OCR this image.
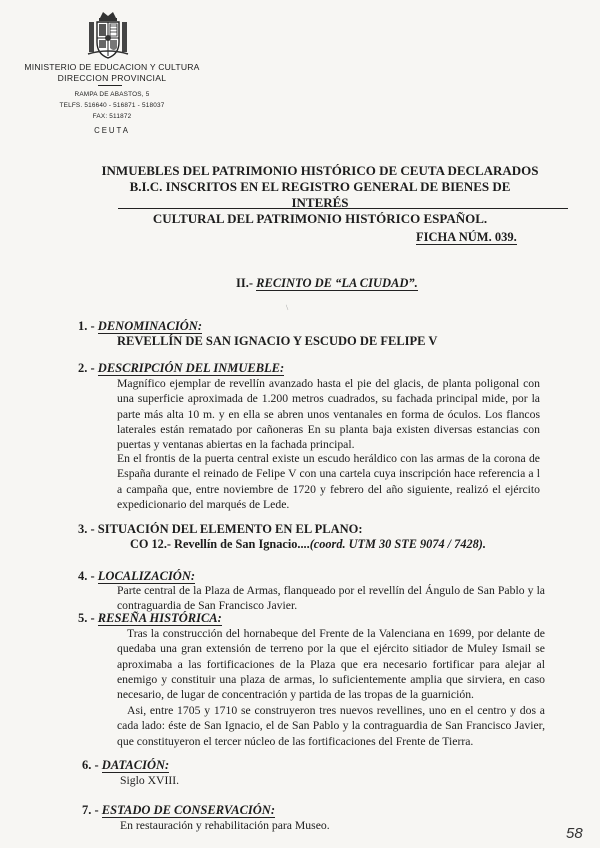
MINISTERIO DE EDUCACION Y CULTURA
DIRECCION PROVINCIAL
RAMPA DE ABASTOS, 5
TELFS. 516640 - 516871 - 518037
FAX: 511872
CEUTA
INMUEBLES DEL PATRIMONIO HISTÓRICO DE CEUTA DECLARADOS
B.I.C. INSCRITOS EN EL REGISTRO GENERAL DE BIENES DE INTERÉS
CULTURAL DEL PATRIMONIO HISTÓRICO ESPAÑOL.
FICHA NÚM. 039.
II.- RECINTO DE “LA CIUDAD”.
/
1. - DENOMINACIÓN:
REVELLÍN DE SAN IGNACIO Y ESCUDO DE FELIPE V
2. - DESCRIPCIÓN DEL INMUEBLE:
Magnífico ejemplar de revellín avanzado hasta el pie del glacis, de planta poligonal con una superficie aproximada de 1.200 metros cuadrados, su fachada principal mide, por la parte más alta 10 m. y en ella se abren unos ventanales en forma de óculos. Los flancos laterales están rematado por cañoneras En su planta baja existen diversas estancias con puertas y ventanas abiertas en la fachada principal.
En el frontis de la puerta central existe un escudo heráldico con las armas de la corona de España durante el reinado de Felipe V con una cartela cuya inscripción hace referencia a l a campaña que, entre noviembre de 1720 y febrero del año siguiente, realizó el ejército expedicionario del marqués de Lede.
3. - SITUACIÓN DEL ELEMENTO EN EL PLANO:
CO 12.- Revellín de San Ignacio....(coord. UTM 30 STE 9074 / 7428).
4. - LOCALIZACIÓN:
Parte central de la Plaza de Armas, flanqueado por el revellín del Ángulo de San Pablo y la contraguardia de San Francisco Javier.
5. - RESEÑA HISTÓRICA:
Tras la construcción del hornabeque del Frente de la Valenciana en 1699, por delante de quedaba una gran extensión de terreno por la que el ejército sitiador de Muley Ismail se aproximaba a las fortificaciones de la Plaza que era necesario fortificar para alejar al enemigo y constituir una plaza de armas, lo suficientemente amplia que sirviera, en caso necesario, de lugar de concentración y partida de las tropas de la guarnición.
Asi, entre 1705 y 1710 se construyeron tres nuevos revellines, uno en el centro y dos a cada lado: éste de San Ignacio, el de San Pablo y la contraguardia de San Francisco Javier, que constituyeron el tercer núcleo de las fortificaciones del Frente de Tierra.
6. - DATACIÓN:
Siglo XVIII.
7. - ESTADO DE CONSERVACIÓN:
En restauración y rehabilitación para Museo.	58
